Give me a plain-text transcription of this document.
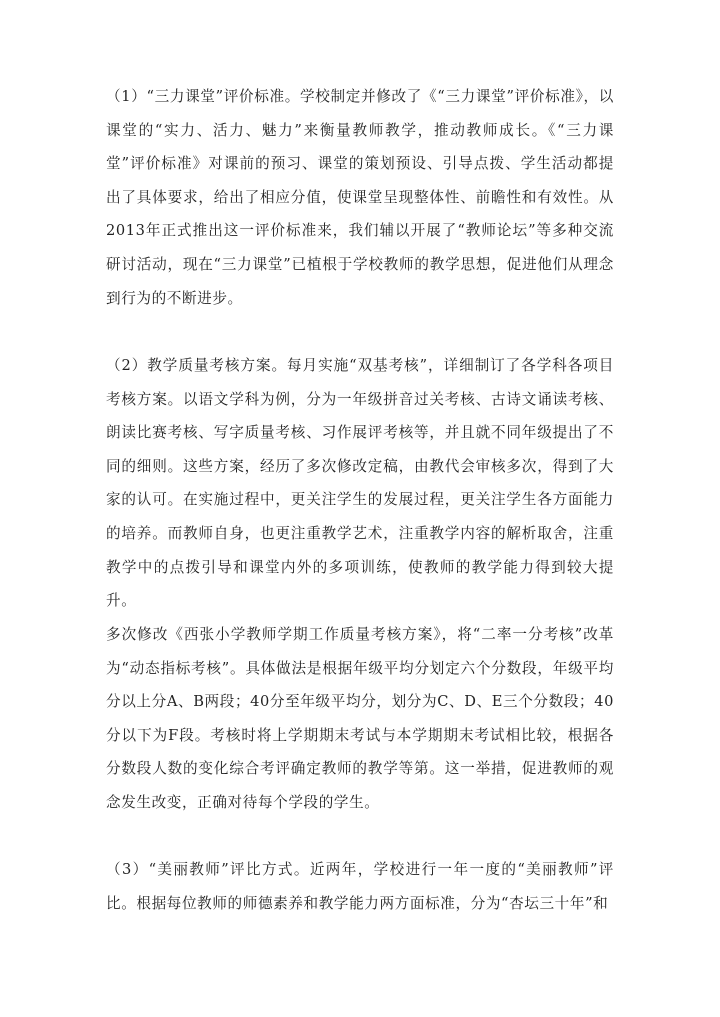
（1）“三力课堂”评价标准。学校制定并修改了《“三力课堂”评价标准》，以课堂的“实力、活力、魅力”来衡量教师教学，推动教师成长。《“三力课堂”评价标准》对课前的预习、课堂的策划预设、引导点拨、学生活动都提出了具体要求，给出了相应分值，使课堂呈现整体性、前瞻性和有效性。从2013年正式推出这一评价标准来，我们辅以开展了“教师论坛”等多种交流研讨活动，现在“三力课堂”已植根于学校教师的教学思想，促进他们从理念到行为的不断进步。

（2）教学质量考核方案。每月实施“双基考核”，详细制订了各学科各项目考核方案。以语文学科为例，分为一年级拼音过关考核、古诗文诵读考核、朗读比赛考核、写字质量考核、习作展评考核等，并且就不同年级提出了不同的细则。这些方案，经历了多次修改定稿，由教代会审核多次，得到了大家的认可。在实施过程中，更关注学生的发展过程，更关注学生各方面能力的培养。而教师自身，也更注重教学艺术，注重教学内容的解析取舍，注重教学中的点拨引导和课堂内外的多项训练，使教师的教学能力得到较大提升。

多次修改《西张小学教师学期工作质量考核方案》，将“二率一分考核”改革为“动态指标考核”。具体做法是根据年级平均分划定六个分数段，年级平均分以上分A、B两段；40分至年级平均分，划分为C、D、E三个分数段；40分以下为F段。考核时将上学期期末考试与本学期期末考试相比较，根据各分数段人数的变化综合考评确定教师的教学等第。这一举措，促进教师的观念发生改变，正确对待每个学段的学生。

（3）“美丽教师”评比方式。近两年，学校进行一年一度的“美丽教师”评比。根据每位教师的师德素养和教学能力两方面标准，分为“杏坛三十年”和
